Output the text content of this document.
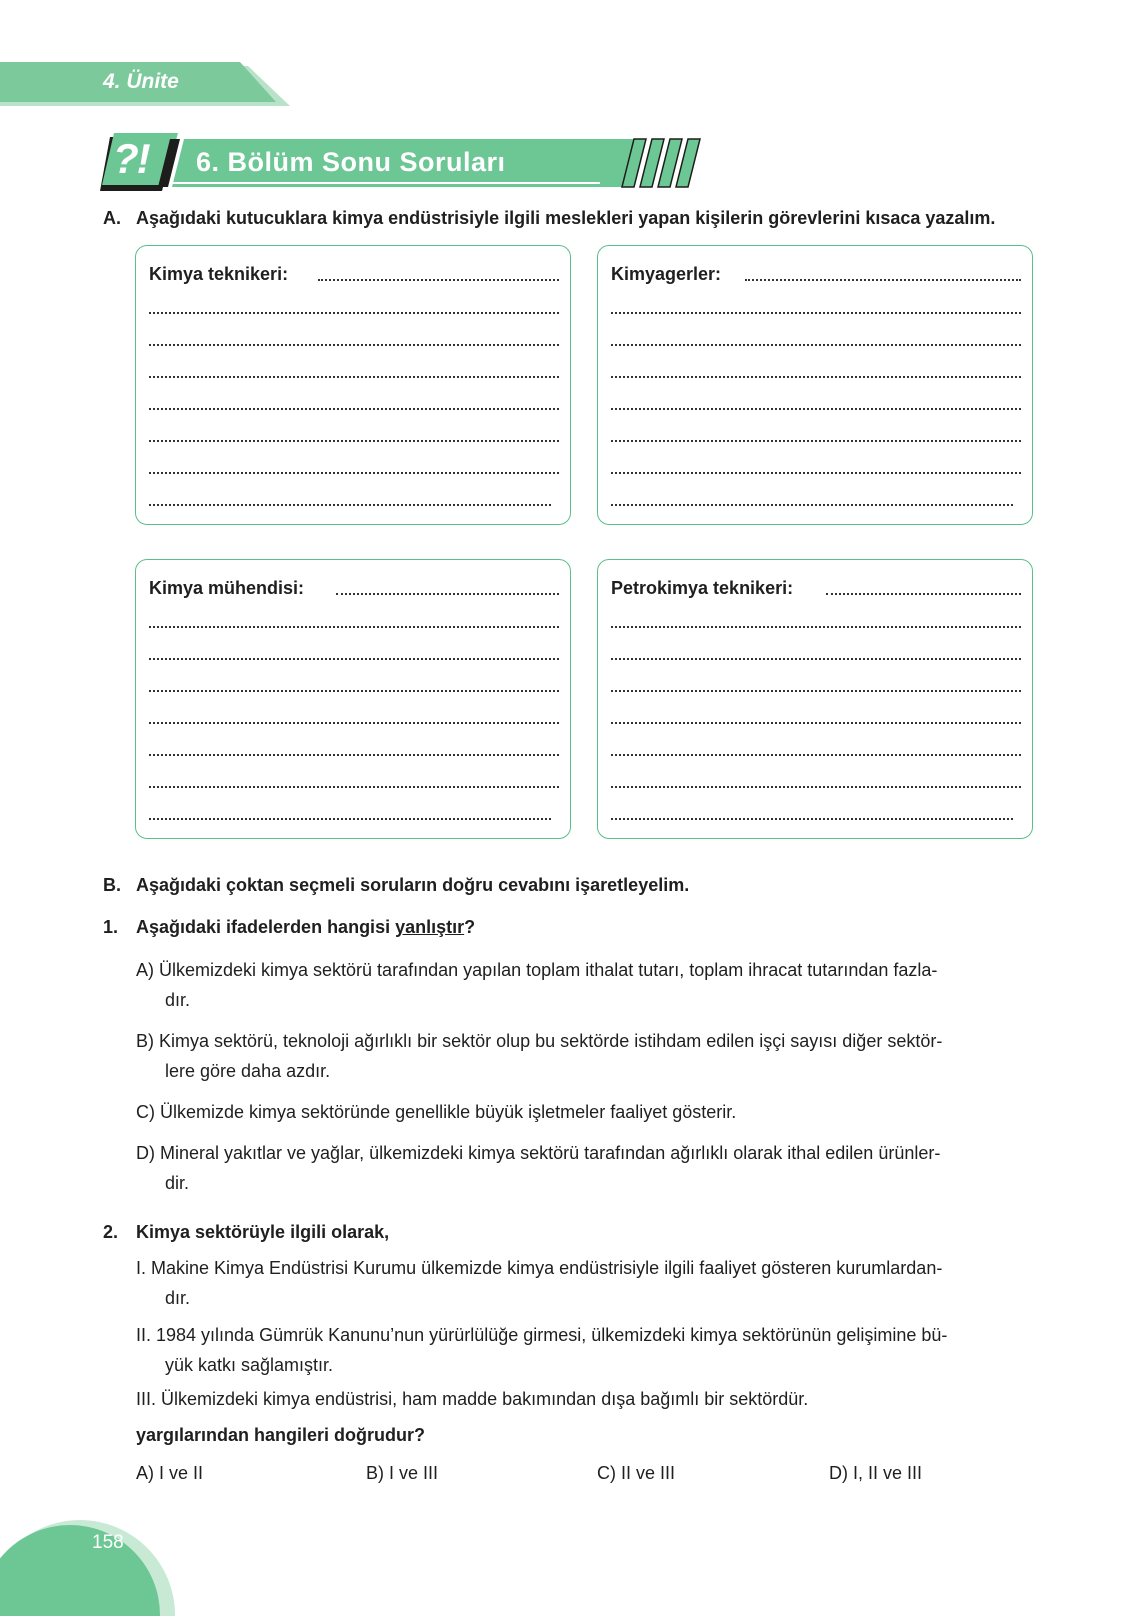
4. Ünite
?! 6. Bölüm Sonu Soruları
A. Aşağıdaki kutucuklara kimya endüstrisiyle ilgili meslekleri yapan kişilerin görevlerini kısaca yazalım.
Kimya teknikeri:	Kimyagerler:
Kimya mühendisi:	Petrokimya teknikeri:
B. Aşağıdaki çoktan seçmeli soruların doğru cevabını işaretleyelim.
1. Aşağıdaki ifadelerden hangisi yanlıştır?
A) Ülkemizdeki kimya sektörü tarafından yapılan toplam ithalat tutarı, toplam ihracat tutarından fazla-
dır.
B) Kimya sektörü, teknoloji ağırlıklı bir sektör olup bu sektörde istihdam edilen işçi sayısı diğer sektör-
lere göre daha azdır.
C) Ülkemizde kimya sektöründe genellikle büyük işletmeler faaliyet gösterir.
D) Mineral yakıtlar ve yağlar, ülkemizdeki kimya sektörü tarafından ağırlıklı olarak ithal edilen ürünler-
dir.
2. Kimya sektörüyle ilgili olarak,
I. Makine Kimya Endüstrisi Kurumu ülkemizde kimya endüstrisiyle ilgili faaliyet gösteren kurumlardan-
dır.
II. 1984 yılında Gümrük Kanunu’nun yürürlülüğe girmesi, ülkemizdeki kimya sektörünün gelişimine bü-
yük katkı sağlamıştır.
III. Ülkemizdeki kimya endüstrisi, ham madde bakımından dışa bağımlı bir sektördür.
yargılarından hangileri doğrudur?
A) I ve II	B) I ve III	C) II ve III	D) I, II ve III
158
